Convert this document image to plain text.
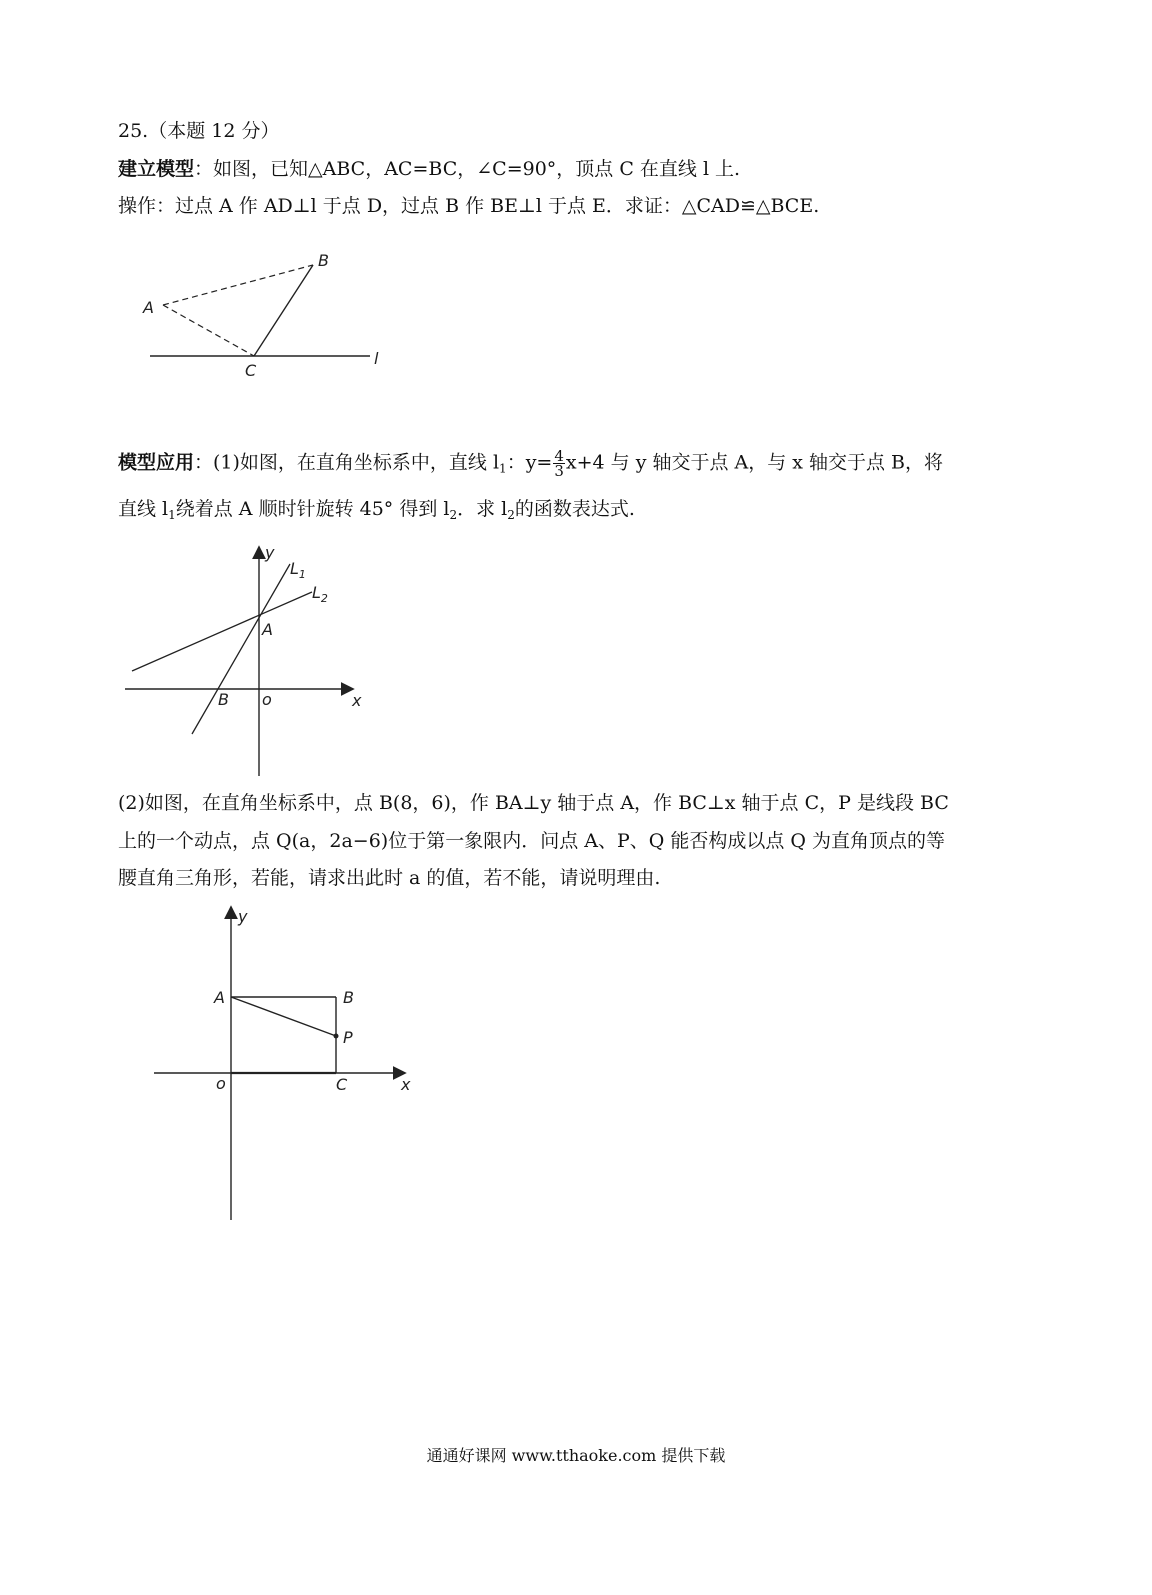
25.（本题 12 分）
建立模型：如图，已知△ABC，AC=BC，∠C=90°，顶点 C 在直线 l 上.
操作：过点 A 作 AD⊥l 于点 D，过点 B 作 BE⊥l 于点 E．求证：△CAD≌△BCE.
B
A
C
l
模型应用：(1)如图，在直角坐标系中，直线 $l_1$：$y= \frac{4}{3} x+4$ 与 y 轴交于点 A，与 x 轴交于点 B，将
直线 $l_1$绕着点 A 顺时针旋转 45° 得到 $l_2$．求 $l_2$的函数表达式.
y
$L_1$
$L_2$
A
B o	x
(2)如图，在直角坐标系中，点 B(8，6)，作 BA⊥y 轴于点 A，作 BC⊥x 轴于点 C，P 是线段 BC
上的一个动点，点 Q(a，2a−6)位于第一象限内．问点 A、P、Q 能否构成以点 Q 为直角顶点的等
腰直角三角形，若能，请求出此时 a 的值，若不能，请说明理由.
y
A	B
P
o	C	x
通通好课网 www.tthaoke.com 提供下载
